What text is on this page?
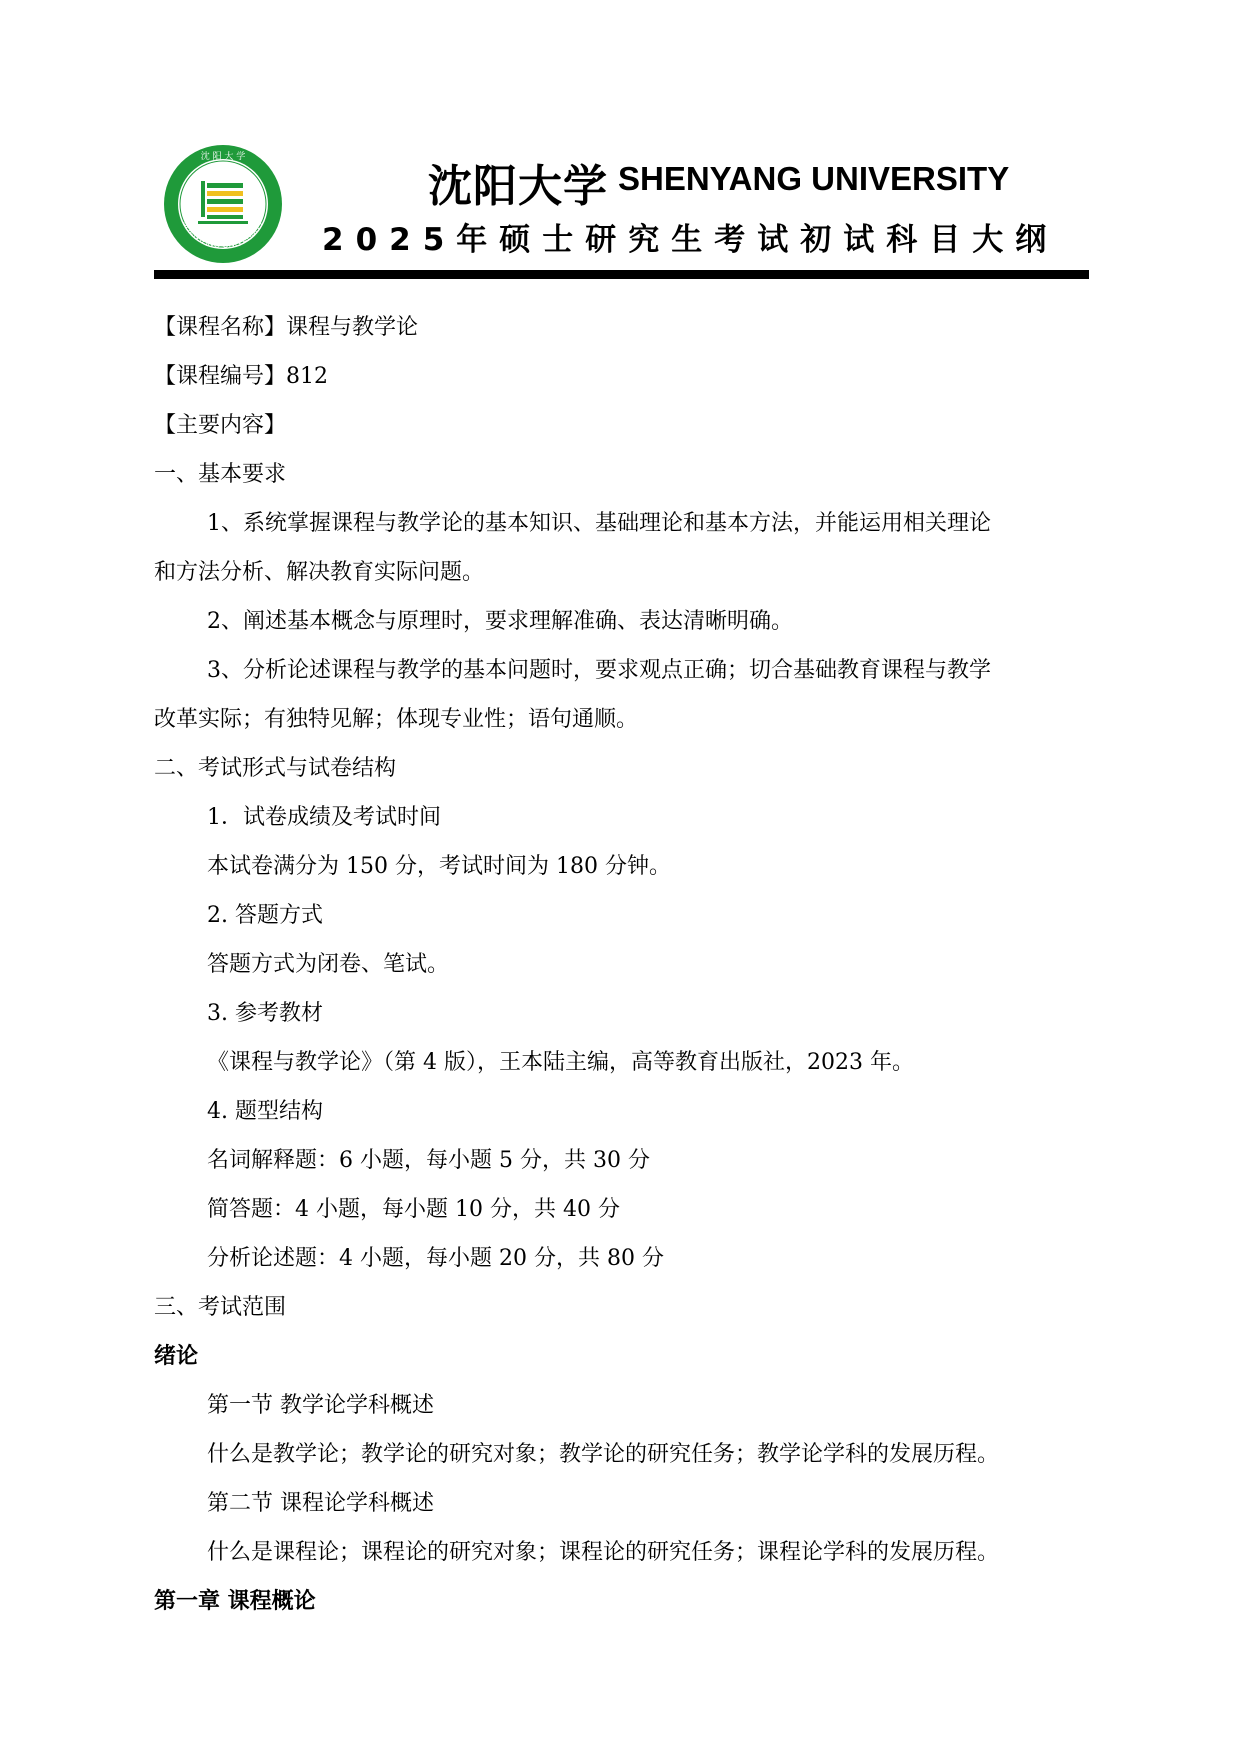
沈 阳 大 学
SHENYANG UNIVERSITY
沈阳大学 SHENYANG UNIVERSITY
2025年硕士研究生考试初试科目大纲
【课程名称】课程与教学论
【课程编号】812
【主要内容】
一、基本要求
1、系统掌握课程与教学论的基本知识、基础理论和基本方法，并能运用相关理论
和方法分析、解决教育实际问题。
2、阐述基本概念与原理时，要求理解准确、表达清晰明确。
3、分析论述课程与教学的基本问题时，要求观点正确；切合基础教育课程与教学
改革实际；有独特见解；体现专业性；语句通顺。
二、考试形式与试卷结构
1．试卷成绩及考试时间
本试卷满分为 150 分，考试时间为 180 分钟。
2. 答题方式
答题方式为闭卷、笔试。
3. 参考教材
《课程与教学论》（第 4 版），王本陆主编，高等教育出版社，2023 年。
4. 题型结构
名词解释题：6 小题，每小题 5 分，共 30 分
简答题：4 小题，每小题 10 分，共 40 分
分析论述题：4 小题，每小题 20 分，共 80 分
三、考试范围
绪论
第一节 教学论学科概述
什么是教学论；教学论的研究对象；教学论的研究任务；教学论学科的发展历程。
第二节 课程论学科概述
什么是课程论；课程论的研究对象；课程论的研究任务；课程论学科的发展历程。
第一章 课程概论
